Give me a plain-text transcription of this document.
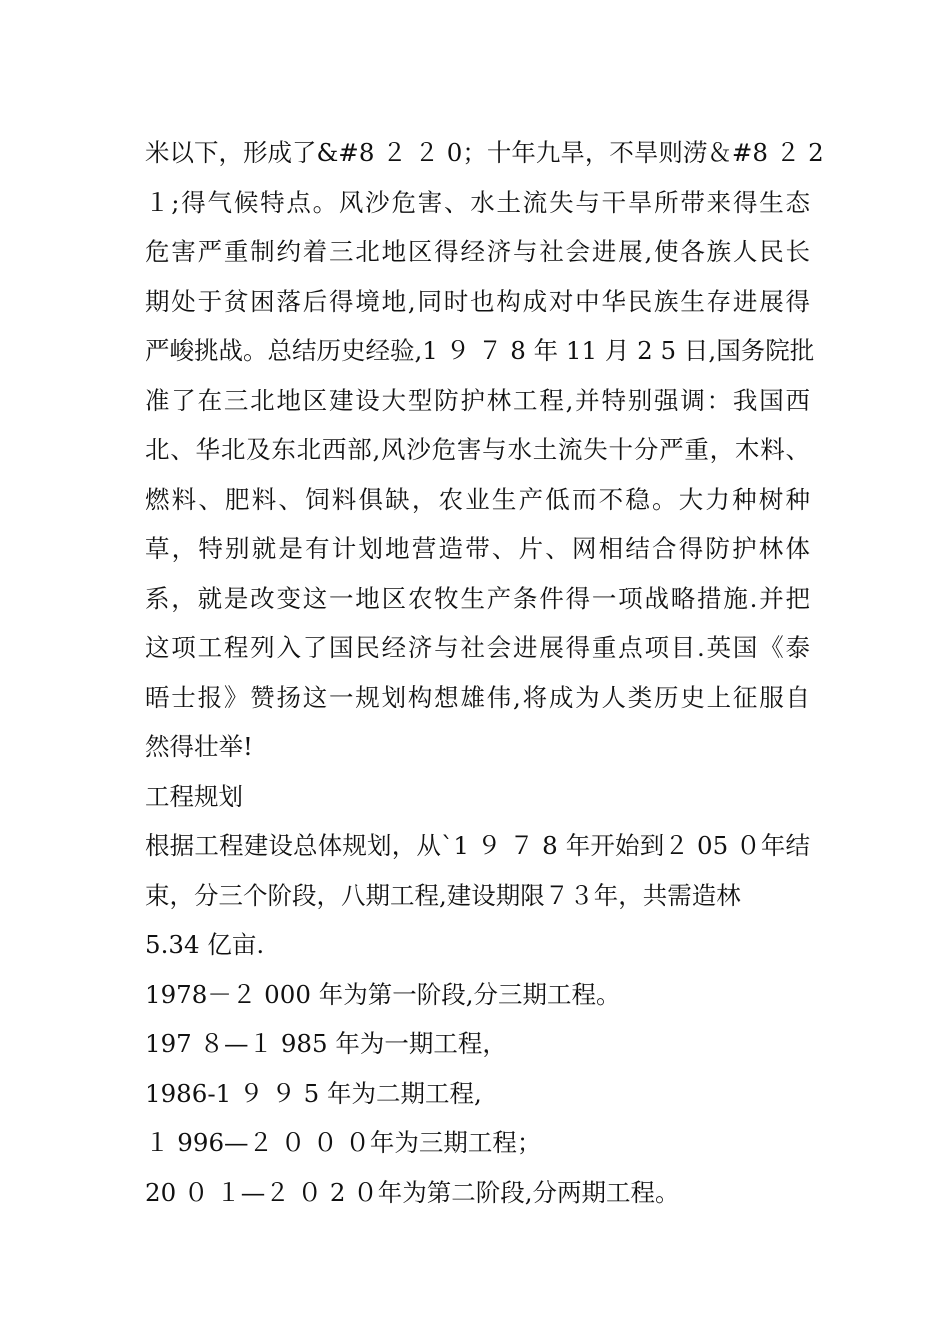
米以下，形成了&#8 ２ ２ 0；十年九旱，不旱则涝＆#8 ２ 2
１;得气候特点。风沙危害、水土流失与干旱所带来得生态
危害严重制约着三北地区得经济与社会进展,使各族人民长
期处于贫困落后得境地,同时也构成对中华民族生存进展得
严峻挑战。总结历史经验,1 ９ ７ 8 年 11 月 2 5 日,国务院批
准了在三北地区建设大型防护林工程,并特别强调：我国西
北、华北及东北西部,风沙危害与水土流失十分严重，木料、
燃料、肥料、饲料俱缺，农业生产低而不稳。大力种树种
草，特别就是有计划地营造带、片、网相结合得防护林体
系，就是改变这一地区农牧生产条件得一项战略措施.并把
这项工程列入了国民经济与社会进展得重点项目.英国《泰
晤士报》赞扬这一规划构想雄伟,将成为人类历史上征服自
然得壮举!
工程规划
根据工程建设总体规划，从`1 ９ ７ 8 年开始到２ 05 ０年结
束，分三个阶段，八期工程,建设期限７３年，共需造林
5.34 亿亩.
1978－２ 000 年为第一阶段,分三期工程。
197 ８—１ 985 年为一期工程，
1986-1 ９ ９ 5 年为二期工程,
１ 996—２ ０ ０ ０年为三期工程；
20 ０ １—２ ０ 2 ０年为第二阶段,分两期工程。
